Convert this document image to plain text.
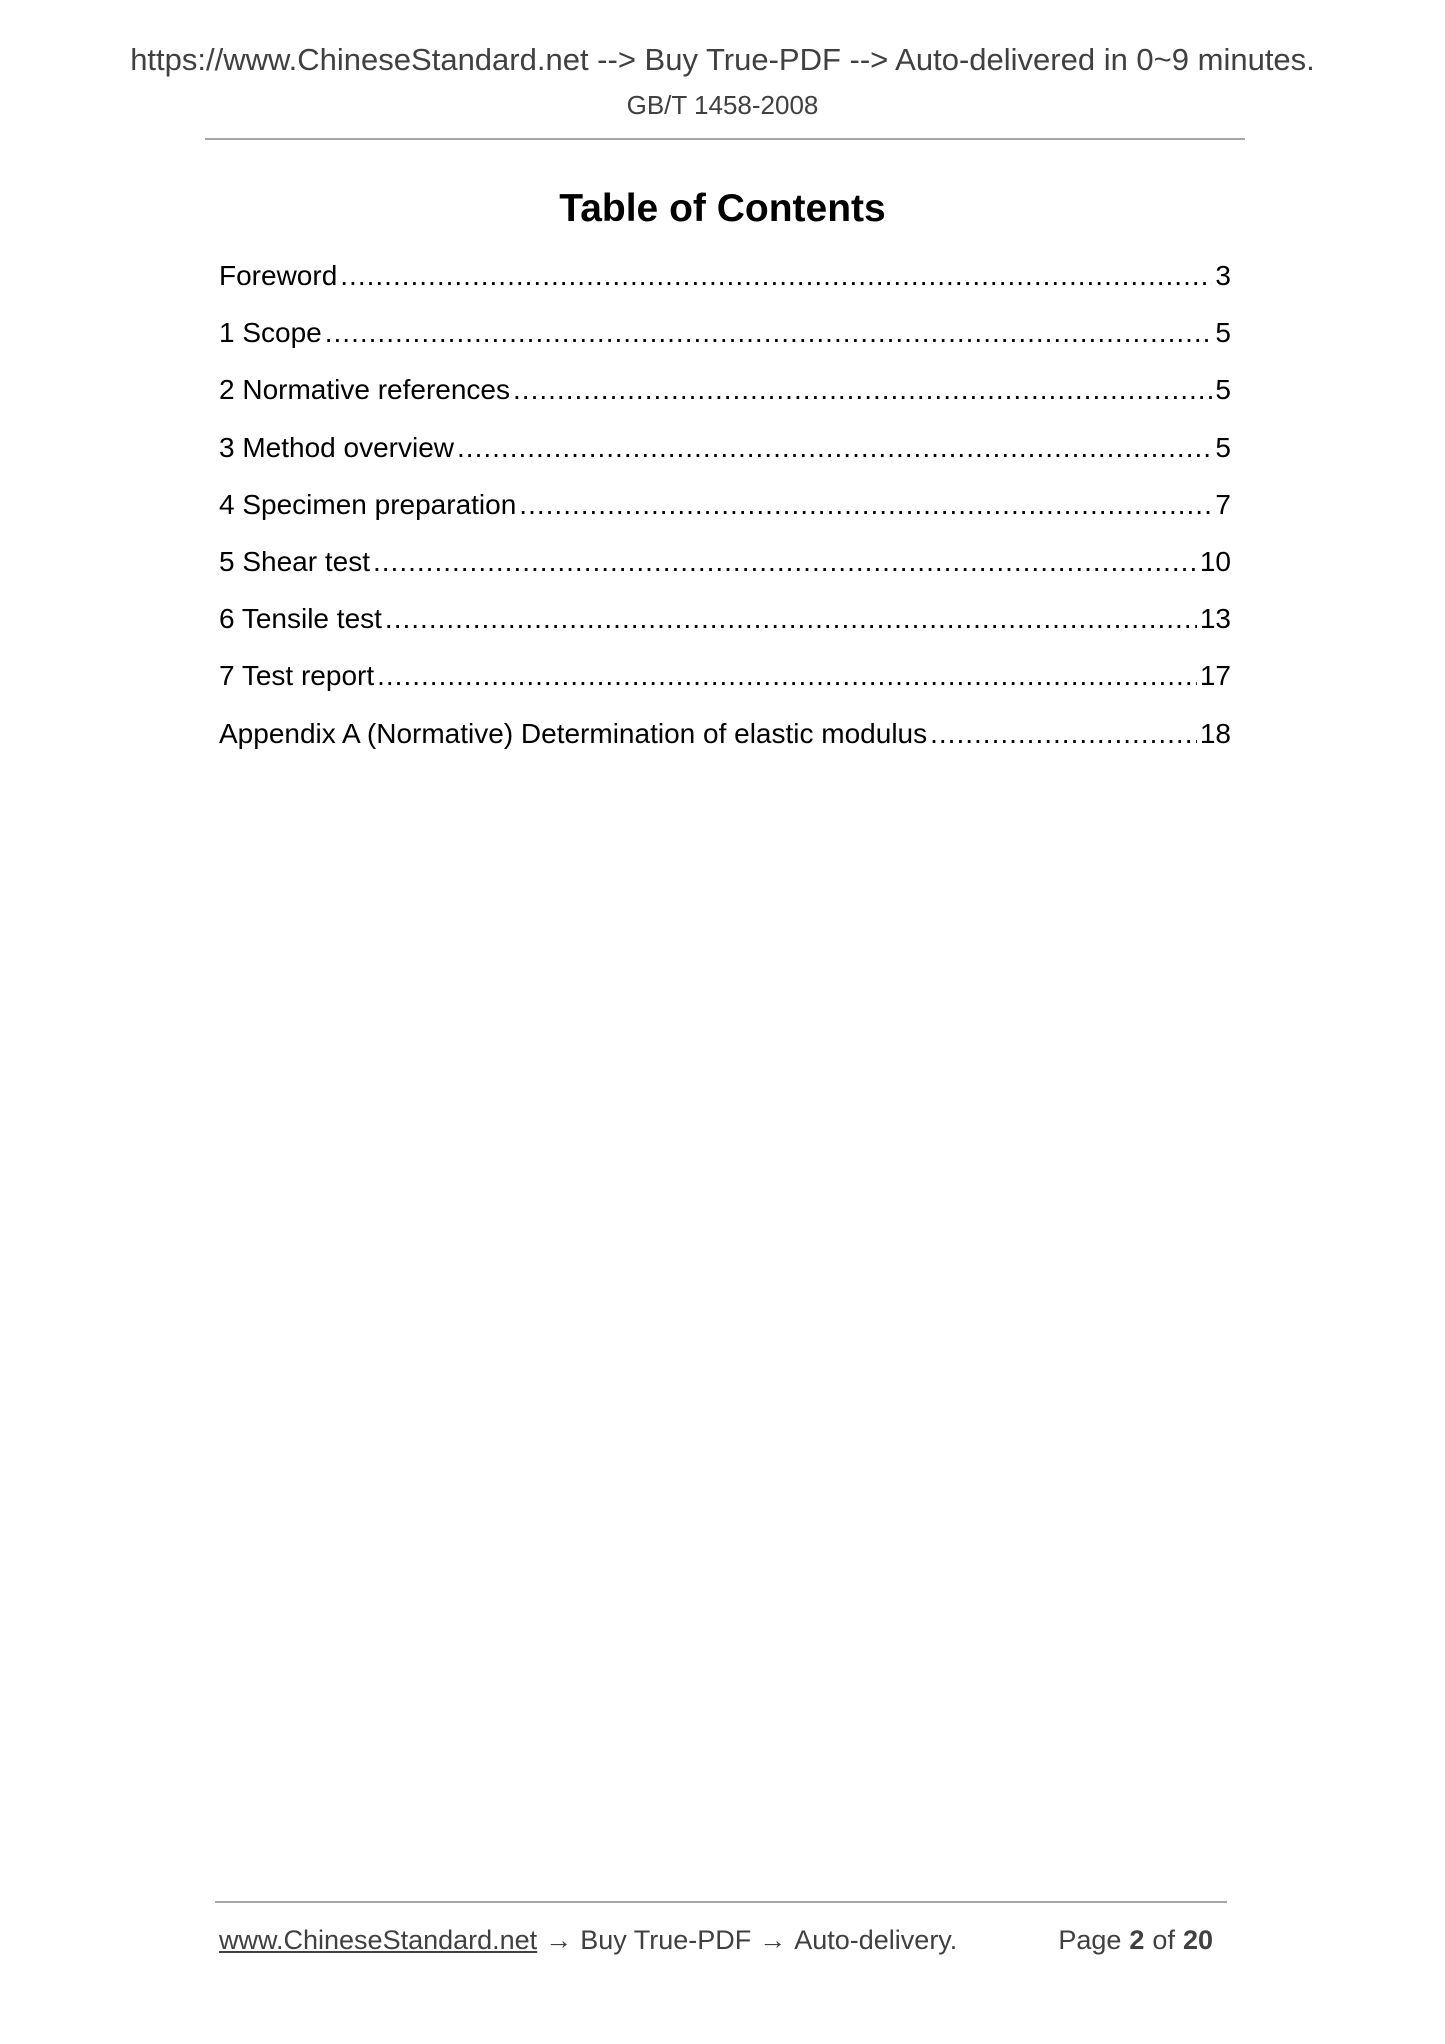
https://www.ChineseStandard.net --> Buy True-PDF --> Auto-delivered in 0~9 minutes.
GB/T 1458-2008
Table of Contents
Foreword .....	3
1 Scope .....	5
2 Normative references .....	5
3 Method overview .....	5
4 Specimen preparation .....	7
5 Shear test .....	10
6 Tensile test .....	13
7 Test report .....	17
Appendix A (Normative) Determination of elastic modulus .....	18
www.ChineseStandard.net → Buy True-PDF → Auto-delivery.	Page 2 of 20
